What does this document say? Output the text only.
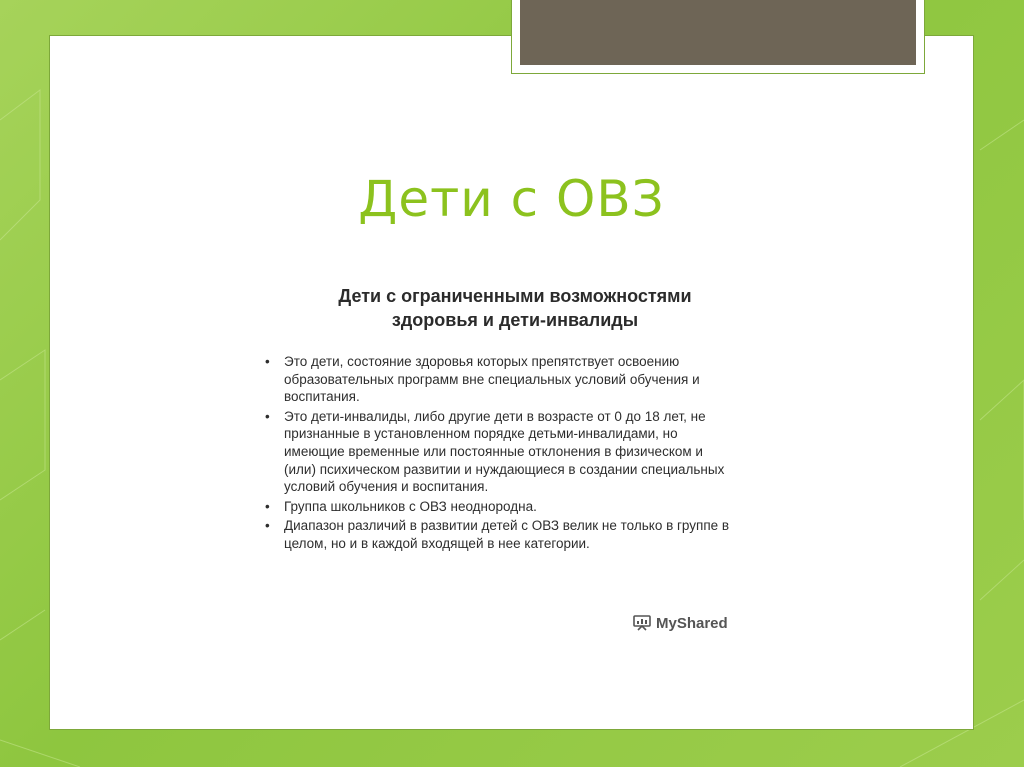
Дети с ОВЗ
Дети с ограниченными возможностями
здоровья и дети-инвалиды
• Это дети, состояние здоровья которых препятствует освоению образовательных программ вне специальных условий обучения и воспитания.
• Это дети-инвалиды, либо другие дети в возрасте от 0 до 18 лет, не признанные в установленном порядке детьми-инвалидами, но имеющие временные или постоянные отклонения в физическом и (или) психическом развитии и нуждающиеся в создании специальных условий обучения и воспитания.
• Группа школьников с ОВЗ неоднородна.
• Диапазон различий в развитии детей с ОВЗ велик не только в группе в целом, но и в каждой входящей в нее категории.
MyShared
